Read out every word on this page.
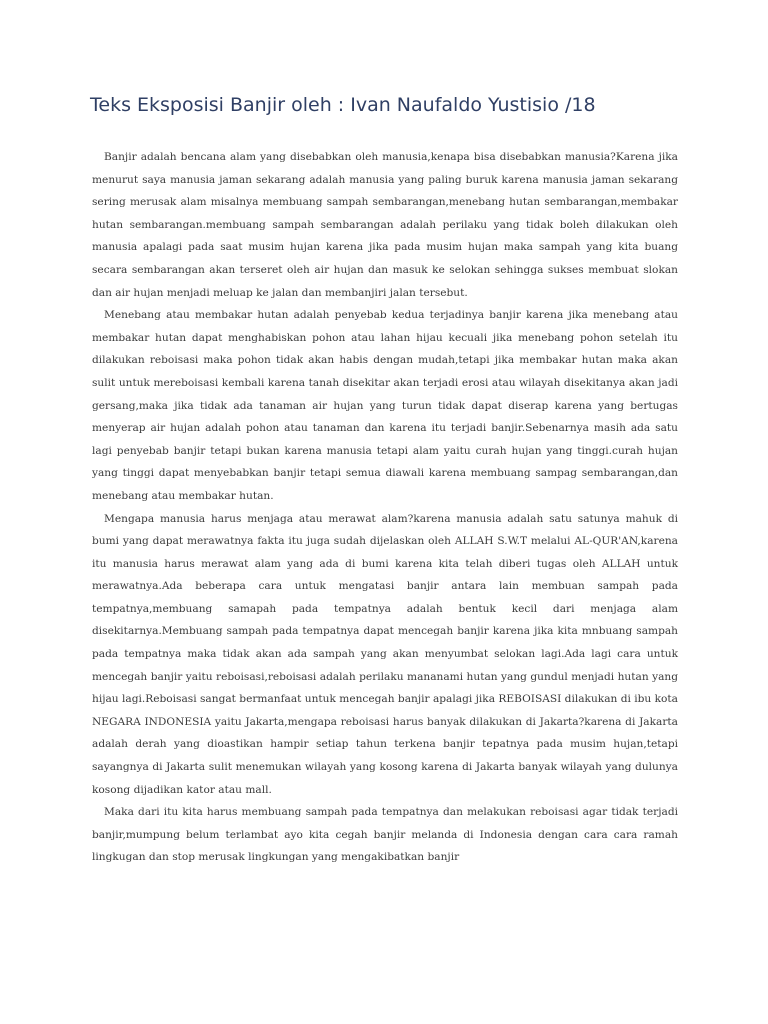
Teks Eksposisi Banjir oleh : Ivan Naufaldo Yustisio /18

Banjir adalah bencana alam yang disebabkan oleh manusia,kenapa bisa disebabkan manusia?Karena jika menurut saya manusia jaman sekarang adalah manusia yang paling buruk karena manusia jaman sekarang sering merusak alam misalnya membuang sampah sembarangan,menebang hutan sembarangan,membakar hutan sembarangan.membuang sampah sembarangan adalah perilaku yang tidak boleh dilakukan oleh manusia apalagi pada saat musim hujan karena jika pada musim hujan maka sampah yang kita buang secara sembarangan akan terseret oleh air hujan dan masuk ke selokan sehingga sukses membuat slokan dan air hujan menjadi meluap ke jalan dan membanjiri jalan tersebut.

Menebang atau membakar hutan adalah penyebab kedua terjadinya banjir karena jika menebang atau membakar hutan dapat menghabiskan pohon atau lahan hijau kecuali jika menebang pohon setelah itu dilakukan reboisasi maka pohon tidak akan habis dengan mudah,tetapi jika membakar hutan maka akan sulit untuk mereboisasi kembali karena tanah disekitar akan terjadi erosi atau wilayah disekitanya akan jadi gersang,maka jika tidak ada tanaman air hujan yang turun tidak dapat diserap karena yang bertugas menyerap air hujan adalah pohon atau tanaman dan karena itu terjadi banjir.Sebenarnya masih ada satu lagi penyebab banjir tetapi bukan karena manusia tetapi alam yaitu curah hujan yang tinggi.curah hujan yang tinggi dapat menyebabkan banjir tetapi semua diawali karena membuang sampag sembarangan,dan menebang atau membakar hutan.

Mengapa manusia harus menjaga atau merawat alam?karena manusia adalah satu satunya mahuk di bumi yang dapat merawatnya fakta itu juga sudah dijelaskan oleh ALLAH S.W.T melalui AL-QUR'AN,karena itu manusia harus merawat alam yang ada di bumi karena kita telah diberi tugas oleh ALLAH untuk merawatnya.Ada beberapa cara untuk mengatasi banjir antara lain membuan sampah pada tempatnya,membuang samapah pada tempatnya adalah bentuk kecil dari menjaga alam disekitarnya.Membuang sampah pada tempatnya dapat mencegah banjir karena jika kita mnbuang sampah pada tempatnya maka tidak akan ada sampah yang akan menyumbat selokan lagi.Ada lagi cara untuk mencegah banjir yaitu reboisasi,reboisasi adalah perilaku mananami hutan yang gundul menjadi hutan yang hijau lagi.Reboisasi sangat bermanfaat untuk mencegah banjir apalagi jika REBOISASI dilakukan di ibu kota NEGARA INDONESIA yaitu Jakarta,mengapa reboisasi harus banyak dilakukan di Jakarta?karena di Jakarta adalah derah yang dioastikan hampir setiap tahun terkena banjir tepatnya pada musim hujan,tetapi sayangnya di Jakarta sulit menemukan wilayah yang kosong karena di Jakarta banyak wilayah yang dulunya kosong dijadikan kator atau mall.

Maka dari itu kita harus membuang sampah pada tempatnya dan melakukan reboisasi agar tidak terjadi banjir,mumpung belum terlambat ayo kita cegah banjir melanda di Indonesia dengan cara cara ramah lingkugan dan stop merusak lingkungan yang mengakibatkan banjir
